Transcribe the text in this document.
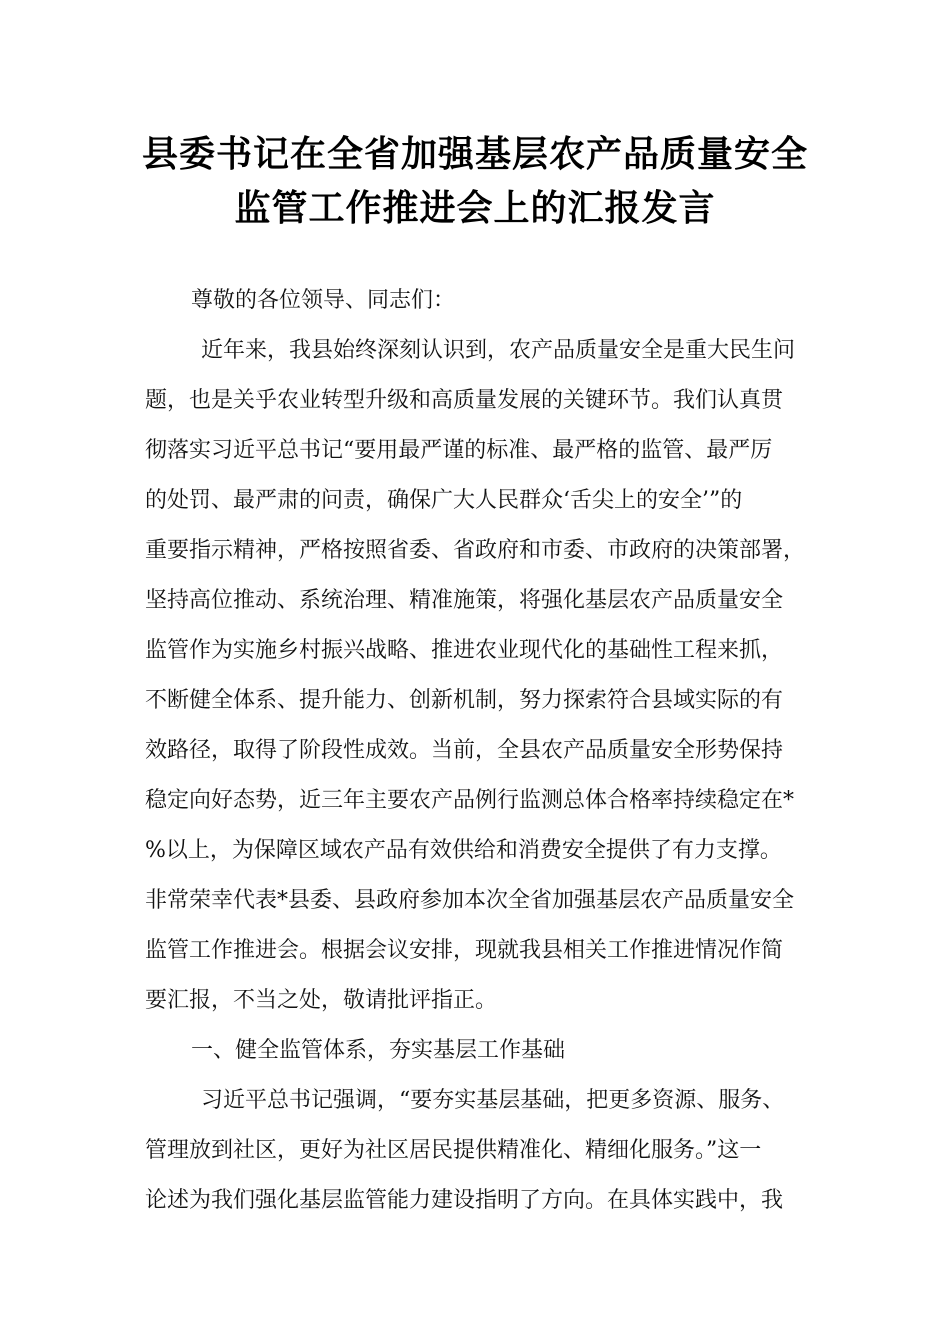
县委书记在全省加强基层农产品质量安全
监管工作推进会上的汇报发言

尊敬的各位领导、同志们：

近年来，我县始终深刻认识到，农产品质量安全是重大民生问
题，也是关乎农业转型升级和高质量发展的关键环节。我们认真贯
彻落实习近平总书记“要用最严谨的标准、最严格的监管、最严厉
的处罚、最严肃的问责，确保广大人民群众‘舌尖上的安全’”的
重要指示精神，严格按照省委、省政府和市委、市政府的决策部署，
坚持高位推动、系统治理、精准施策，将强化基层农产品质量安全
监管作为实施乡村振兴战略、推进农业现代化的基础性工程来抓，
不断健全体系、提升能力、创新机制，努力探索符合县域实际的有
效路径，取得了阶段性成效。当前，全县农产品质量安全形势保持
稳定向好态势，近三年主要农产品例行监测总体合格率持续稳定在*
%以上，为保障区域农产品有效供给和消费安全提供了有力支撑。
非常荣幸代表*县委、县政府参加本次全省加强基层农产品质量安全
监管工作推进会。根据会议安排，现就我县相关工作推进情况作简
要汇报，不当之处，敬请批评指正。

一、健全监管体系，夯实基层工作基础

习近平总书记强调，“要夯实基层基础，把更多资源、服务、
管理放到社区，更好为社区居民提供精准化、精细化服务。”这一
论述为我们强化基层监管能力建设指明了方向。在具体实践中，我
